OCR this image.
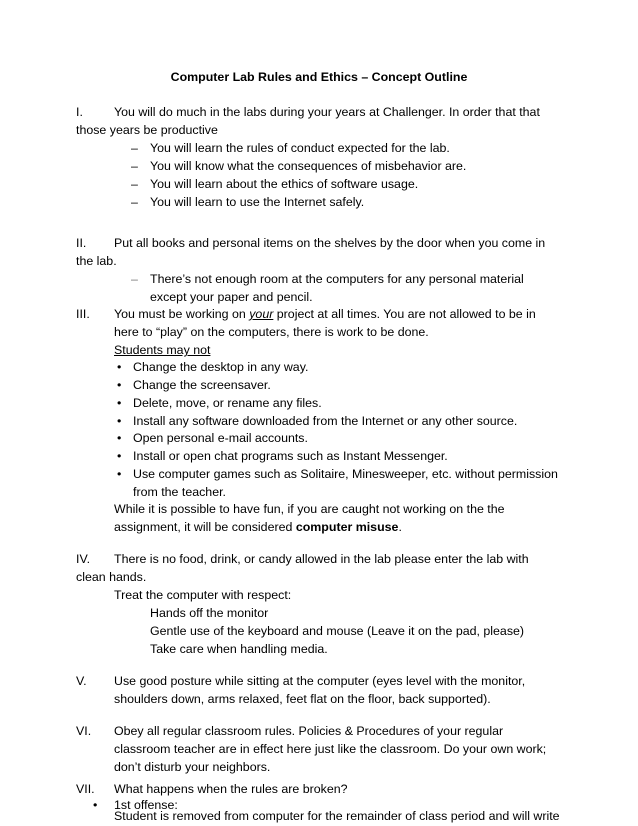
Computer Lab Rules and Ethics – Concept Outline
I.	You will do much in the labs during your years at Challenger. In order that that
those years be productive
– You will learn the rules of conduct expected for the lab.
– You will know what the consequences of misbehavior are.
– You will learn about the ethics of software usage.
– You will learn to use the Internet safely.
II. Put all books and personal items on the shelves by the door when you come in
the lab.
– There’s not enough room at the computers for any personal material
except your paper and pencil.
III. You must be working on your project at all times. You are not allowed to be in
here to “play” on the computers, there is work to be done.
Students may not
• Change the desktop in any way.
• Change the screensaver.
• Delete, move, or rename any files.
• Install any software downloaded from the Internet or any other source.
• Open personal e-mail accounts.
• Install or open chat programs such as Instant Messenger.
• Use computer games such as Solitaire, Minesweeper, etc. without permission
from the teacher.
While it is possible to have fun, if you are caught not working on the the
assignment, it will be considered computer misuse.
IV. There is no food, drink, or candy allowed in the lab please enter the lab with
clean hands.
Treat the computer with respect:
Hands off the monitor
Gentle use of the keyboard and mouse (Leave it on the pad, please)
Take care when handling media.
V. Use good posture while sitting at the computer (eyes level with the monitor,
shoulders down, arms relaxed, feet flat on the floor, back supported).
VI. Obey all regular classroom rules. Policies & Procedures of your regular
classroom teacher are in effect here just like the classroom. Do your own work;
don’t disturb your neighbors.
VII. What happens when the rules are broken?
• 1st offense:
Student is removed from computer for the remainder of class period and will write
